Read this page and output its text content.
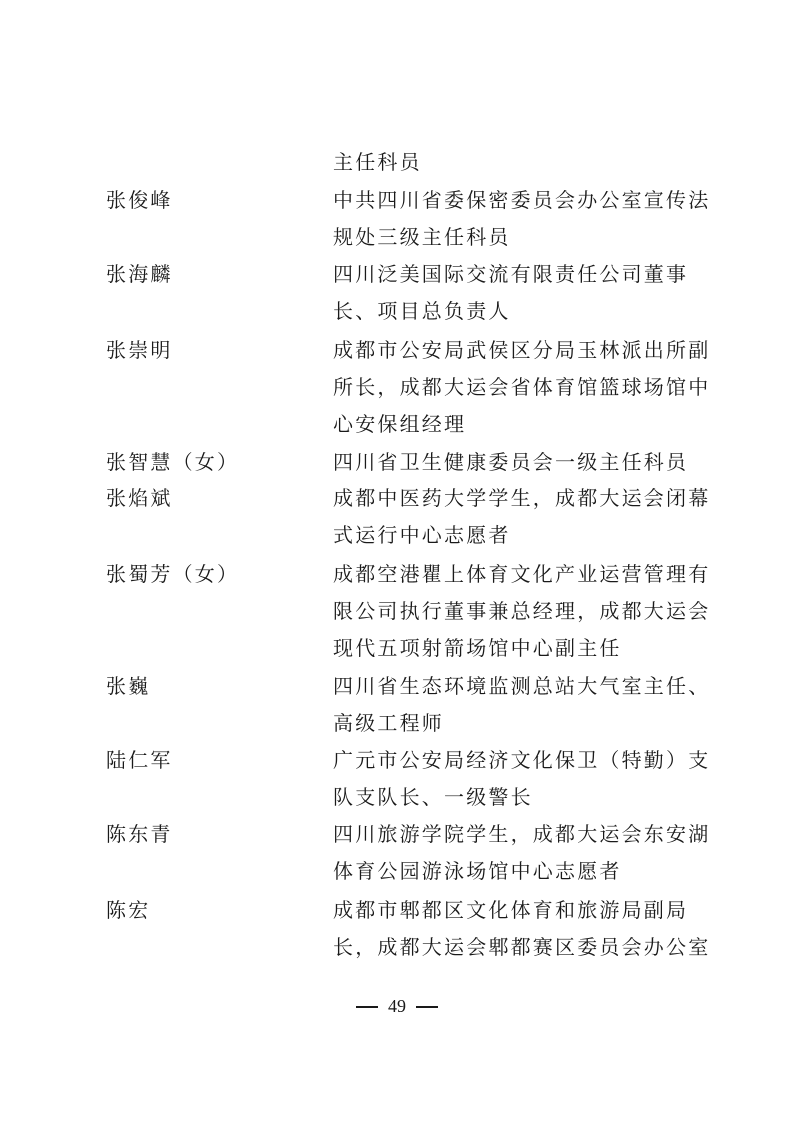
主任科员
张俊峰	中共四川省委保密委员会办公室宣传法
规处三级主任科员
张海麟	四川泛美国际交流有限责任公司董事
长、项目总负责人
张崇明	成都市公安局武侯区分局玉林派出所副
所长，成都大运会省体育馆篮球场馆中
心安保组经理
张智慧（女）	四川省卫生健康委员会一级主任科员
张焰斌	成都中医药大学学生，成都大运会闭幕
式运行中心志愿者
张蜀芳（女）	成都空港瞿上体育文化产业运营管理有
限公司执行董事兼总经理，成都大运会
现代五项射箭场馆中心副主任
张巍	四川省生态环境监测总站大气室主任、
高级工程师
陆仁军	广元市公安局经济文化保卫（特勤）支
队支队长、一级警长
陈东青	四川旅游学院学生，成都大运会东安湖
体育公园游泳场馆中心志愿者
陈宏	成都市郫都区文化体育和旅游局副局
长，成都大运会郫都赛区委员会办公室
49
